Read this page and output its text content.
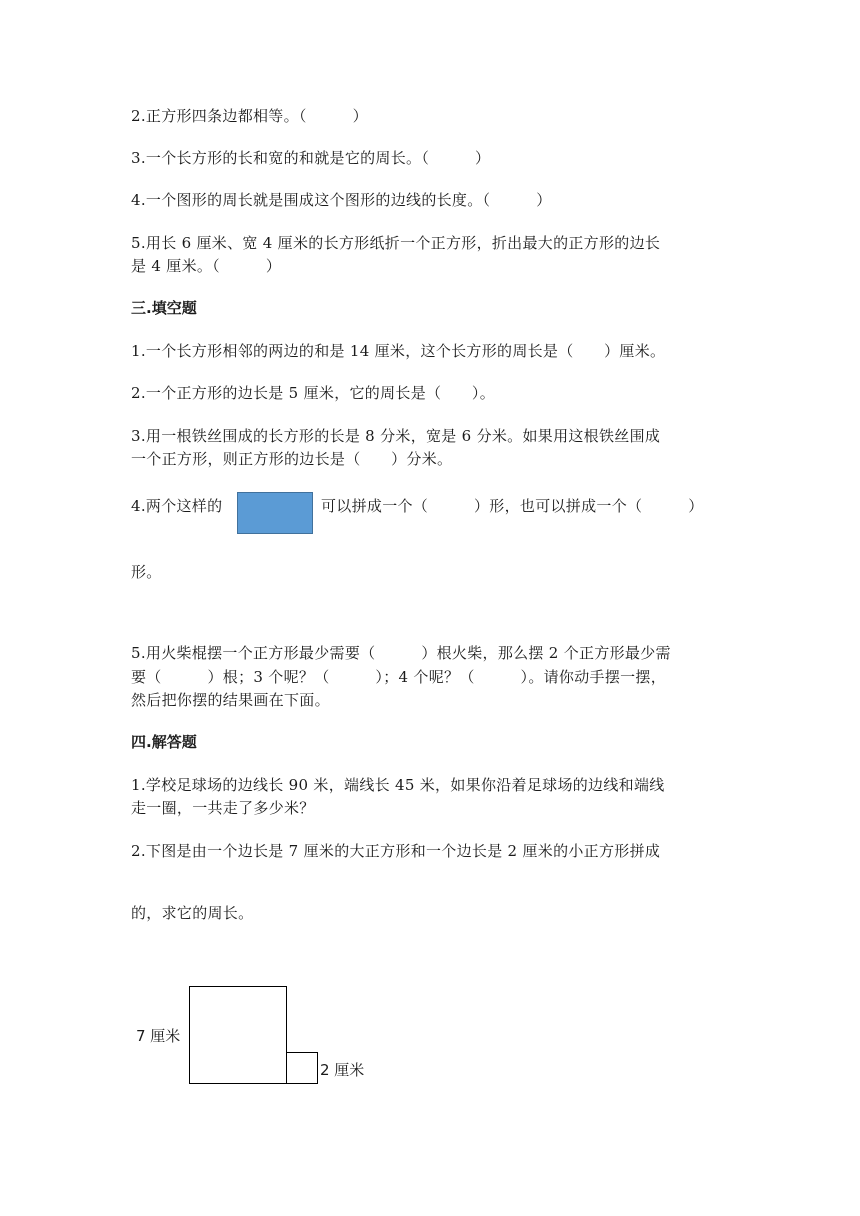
2.正方形四条边都相等。（　　　）
3.一个长方形的长和宽的和就是它的周长。（　　　）
4.一个图形的周长就是围成这个图形的边线的长度。（　　　）
5.用长 6 厘米、宽 4 厘米的长方形纸折一个正方形，折出最大的正方形的边长
是 4 厘米。（　　　）
三.填空题
1.一个长方形相邻的两边的和是 14 厘米，这个长方形的周长是（　　）厘米。
2.一个正方形的边长是 5 厘米，它的周长是（　　）。
3.用一根铁丝围成的长方形的长是 8 分米，宽是 6 分米。如果用这根铁丝围成
一个正方形，则正方形的边长是（　　）分米。
4.两个这样的	可以拼成一个（　　　）形，也可以拼成一个（　　　）
形。
5.用火柴棍摆一个正方形最少需要（　　　）根火柴，那么摆 2 个正方形最少需
要（　　　）根；3 个呢？（　　　）；4 个呢？（　　　）。请你动手摆一摆，
然后把你摆的结果画在下面。
四.解答题
1.学校足球场的边线长 90 米，端线长 45 米，如果你沿着足球场的边线和端线
走一圈，一共走了多少米？
2.下图是由一个边长是 7 厘米的大正方形和一个边长是 2 厘米的小正方形拼成
的，求它的周长。
7 厘米
2 厘米
